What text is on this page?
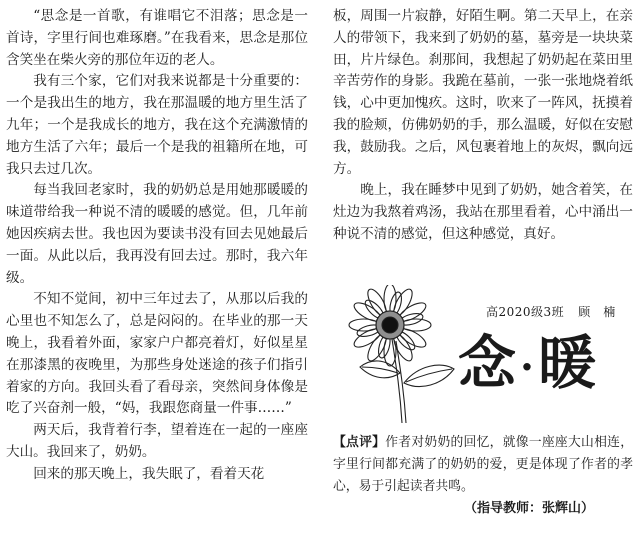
“思念是一首歌，有谁唱它不泪落；思念是一首诗，字里行间也难琢磨。”在我看来，思念是那位含笑坐在柴火旁的那位年迈的老人。

我有三个家，它们对我来说都是十分重要的：一个是我出生的地方，我在那温暖的地方里生活了九年；一个是我成长的地方，我在这个充满激情的地方生活了六年；最后一个是我的祖籍所在地，可我只去过几次。

每当我回老家时，我的奶奶总是用她那暖暖的味道带给我一种说不清的暖暖的感觉。但，几年前她因疾病去世。我也因为要读书没有回去见她最后一面。从此以后，我再没有回去过。那时，我六年级。

不知不觉间，初中三年过去了，从那以后我的心里也不知怎么了，总是闷闷的。在毕业的那一天晚上，我看着外面，家家户户都亮着灯，好似星星在那漆黑的夜晚里，为那些身处迷途的孩子们指引着家的方向。我回头看了看母亲，突然间身体像是吃了兴奋剂一般，“妈，我跟您商量一件事……”

两天后，我背着行李，望着连在一起的一座座大山。我回来了，奶奶。

回来的那天晚上，我失眠了，看着天花

板，周围一片寂静，好陌生啊。第二天早上，在亲人的带领下，我来到了奶奶的墓，墓旁是一块块菜田，片片绿色。刹那间，我想起了奶奶起在菜田里辛苦劳作的身影。我跪在墓前，一张一张地烧着纸钱，心中更加愧疚。这时，吹来了一阵风，抚摸着我的脸颊，仿佛奶奶的手，那么温暖，好似在安慰我，鼓励我。之后，风包裹着地上的灰烬，飘向远方。

晚上，我在睡梦中见到了奶奶，她含着笑，在灶边为我熬着鸡汤，我站在那里看着，心中涌出一种说不清的感觉，但这种感觉，真好。

高2020级3班 顾　楠
念·暖
【点评】作者对奶奶的回忆，就像一座座大山相连，字里行间都充满了的奶奶的爱，更是体现了作者的孝心，易于引起读者共鸣。
（指导教师：张辉山）
